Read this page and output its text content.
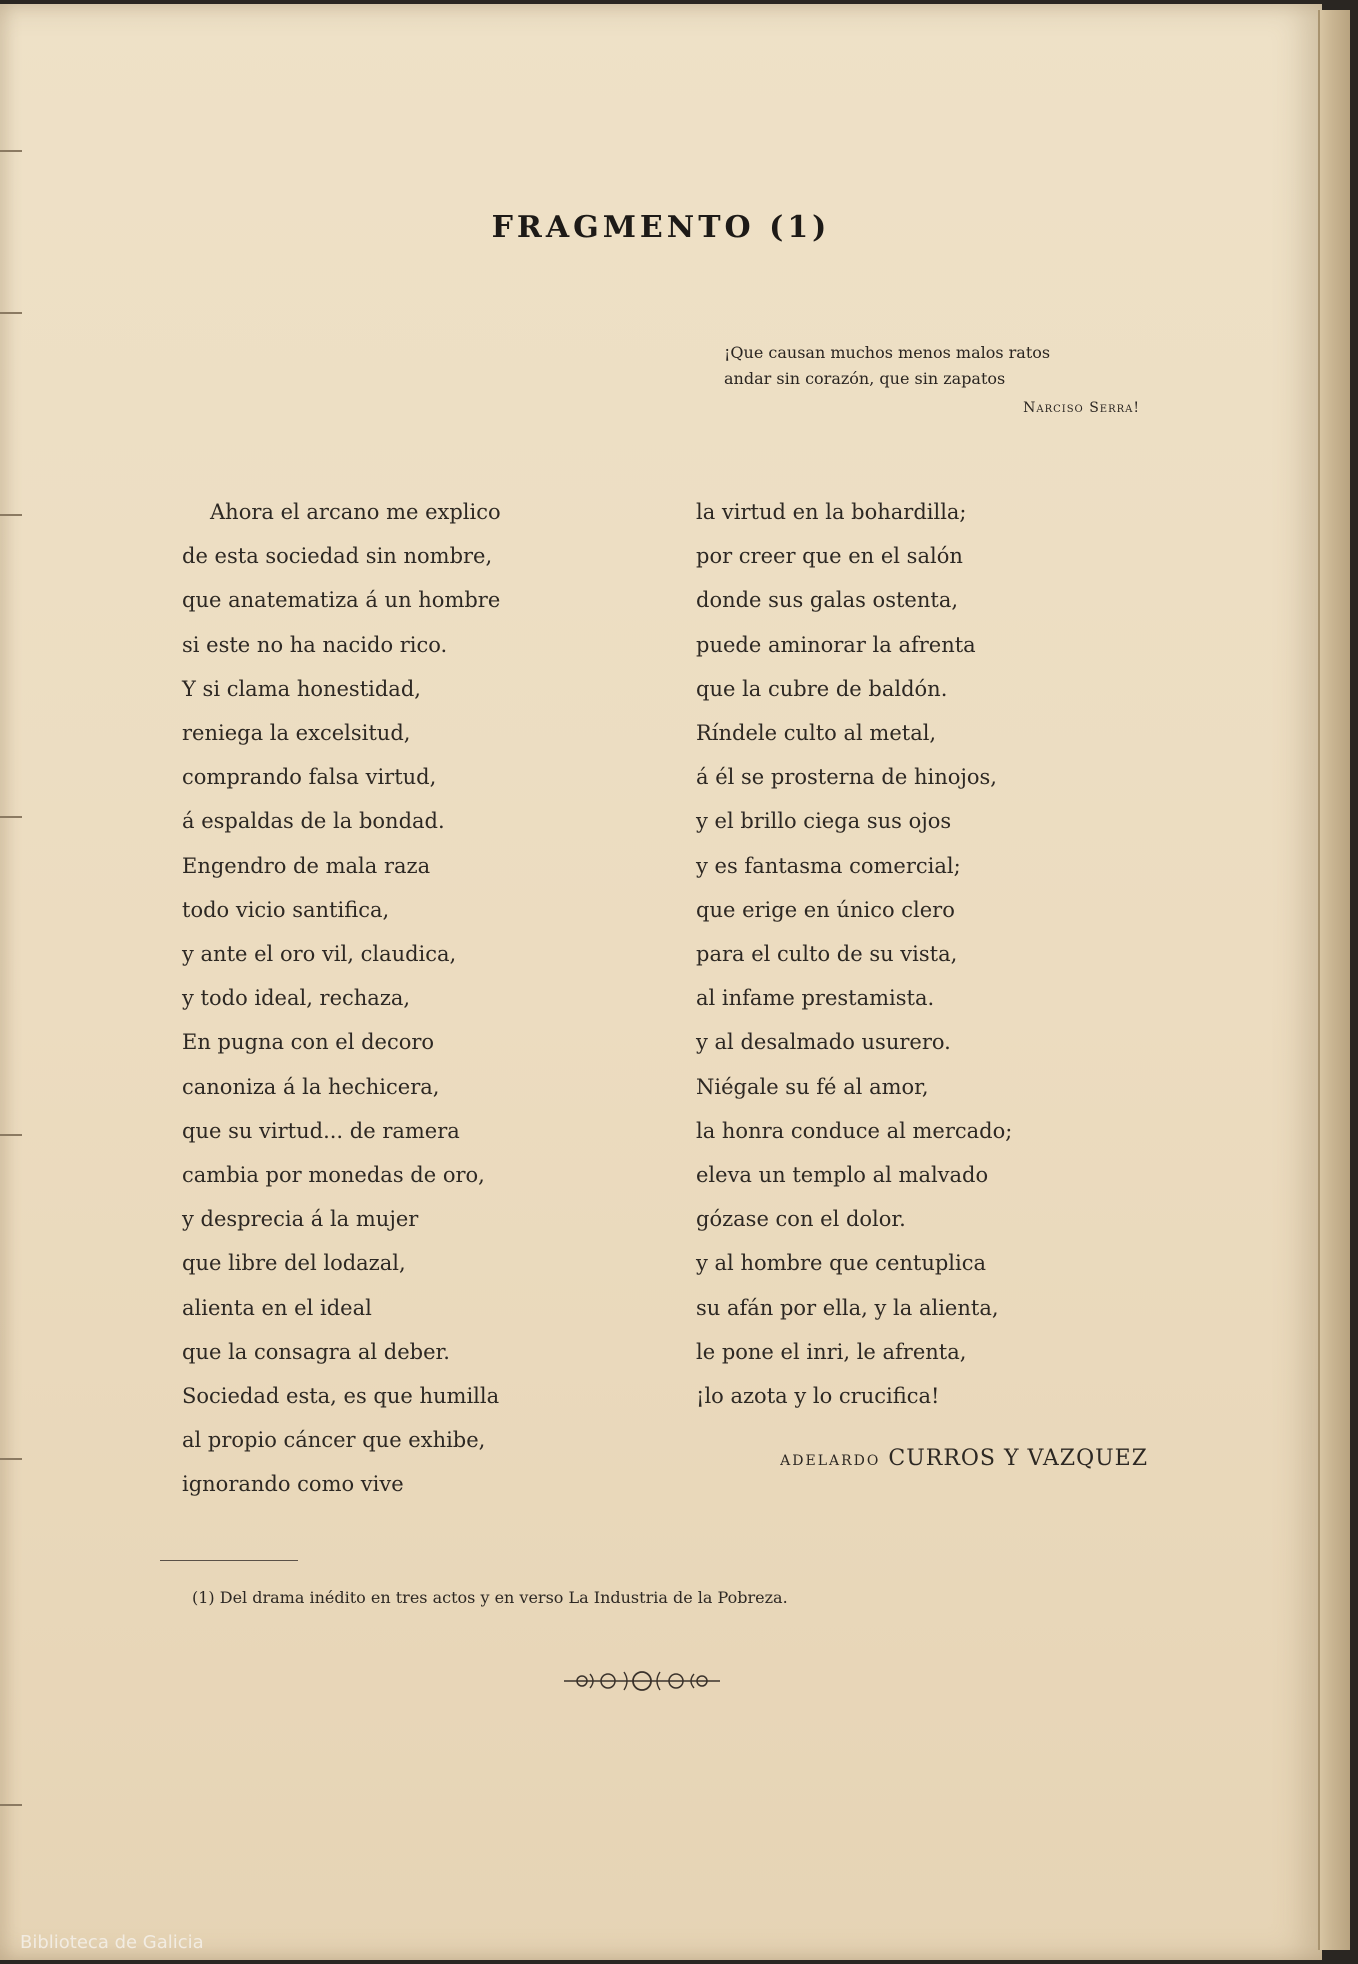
FRAGMENTO (1)
¡Que causan muchos menos malos ratos
andar sin corazón, que sin zapatos
Narciso Serra!
Ahora el arcano me explico
de esta sociedad sin nombre,
que anatematiza á un hombre
si este no ha nacido rico.
Y si clama honestidad,
reniega la excelsitud,
comprando falsa virtud,
á espaldas de la bondad.
Engendro de mala raza
todo vicio santifica,
y ante el oro vil, claudica,
y todo ideal, rechaza,
En pugna con el decoro
canoniza á la hechicera,
que su virtud... de ramera
cambia por monedas de oro,
y desprecia á la mujer
que libre del lodazal,
alienta en el ideal
que la consagra al deber.
Sociedad esta, es que humilla
al propio cáncer que exhibe,
ignorando como vive
la virtud en la bohardilla;
por creer que en el salón
donde sus galas ostenta,
puede aminorar la afrenta
que la cubre de baldón.
Ríndele culto al metal,
á él se prosterna de hinojos,
y el brillo ciega sus ojos
y es fantasma comercial;
que erige en único clero
para el culto de su vista,
al infame prestamista.
y al desalmado usurero.
Niégale su fé al amor,
la honra conduce al mercado;
eleva un templo al malvado
gózase con el dolor.
y al hombre que centuplica
su afán por ella, y la alienta,
le pone el inri, le afrenta,
¡lo azota y lo crucifica!
ADELARDO CURROS Y VAZQUEZ
(1) Del drama inédito en tres actos y en verso La Industria de la Pobreza.
Biblioteca de Galicia
